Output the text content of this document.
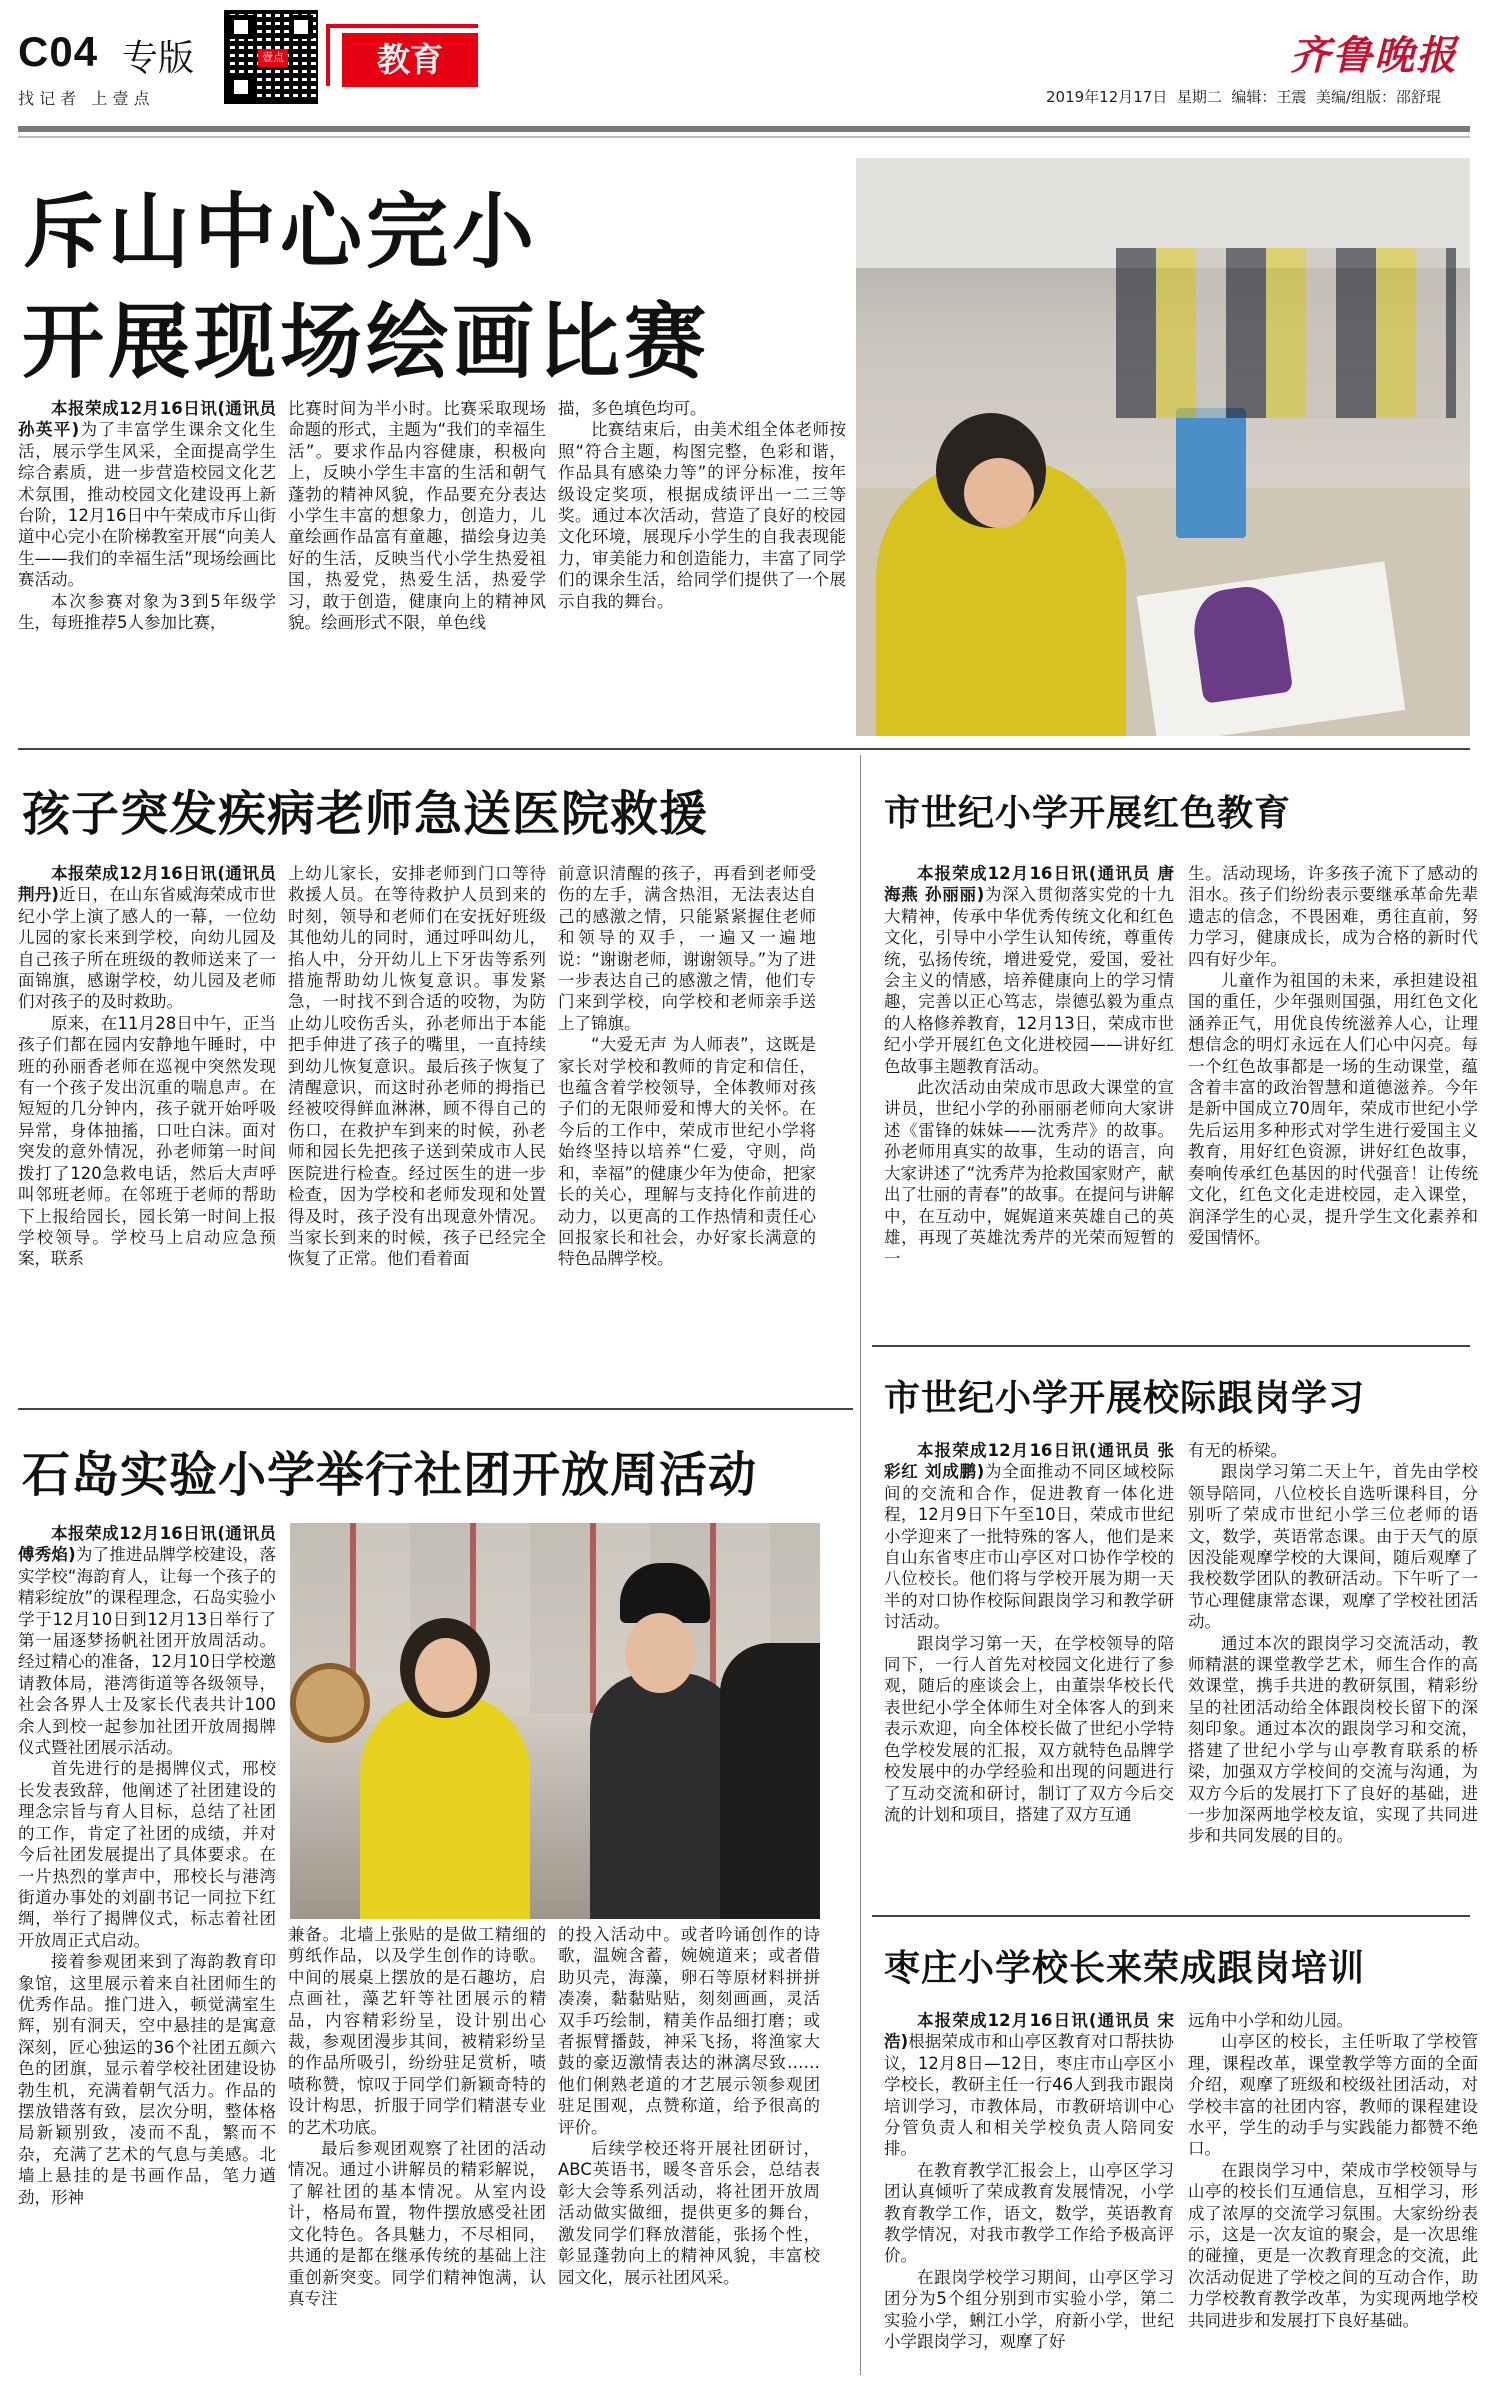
C04 专版	壹点	教育
找 记 者   上 壹 点
齐鲁晚报
2019年12月17日  星期二  编辑：王震  美编/组版：邵舒琨
斥山中心完小
开展现场绘画比赛

本报荣成12月16日讯(通讯员 孙英平)为了丰富学生课余文化生活，展示学生风采，全面提高学生综合素质，进一步营造校园文化艺术氛围，推动校园文化建设再上新台阶，12月16日中午荣成市斥山街道中心完小在阶梯教室开展“向美人生——我们的幸福生活”现场绘画比赛活动。

本次参赛对象为3到5年级学生，每班推荐5人参加比赛，

比赛时间为半小时。比赛采取现场命题的形式，主题为“我们的幸福生活”。要求作品内容健康，积极向上，反映小学生丰富的生活和朝气蓬勃的精神风貌，作品要充分表达小学生丰富的想象力，创造力，儿童绘画作品富有童趣，描绘身边美好的生活，反映当代小学生热爱祖国，热爱党，热爱生活，热爱学习，敢于创造，健康向上的精神风貌。绘画形式不限，单色线

描，多色填色均可。

比赛结束后，由美术组全体老师按照“符合主题，构图完整，色彩和谐，作品具有感染力等”的评分标准，按年级设定奖项，根据成绩评出一二三等奖。通过本次活动，营造了良好的校园文化环境，展现斥小学生的自我表现能力，审美能力和创造能力，丰富了同学们的课余生活，给同学们提供了一个展示自我的舞台。

孩子突发疾病老师急送医院救援

本报荣成12月16日讯(通讯员 荆丹)近日，在山东省威海荣成市世纪小学上演了感人的一幕，一位幼儿园的家长来到学校，向幼儿园及自己孩子所在班级的教师送来了一面锦旗，感谢学校，幼儿园及老师们对孩子的及时救助。

原来，在11月28日中午，正当孩子们都在园内安静地午睡时，中班的孙丽香老师在巡视中突然发现有一个孩子发出沉重的喘息声。在短短的几分钟内，孩子就开始呼吸异常，身体抽搐，口吐白沫。面对突发的意外情况，孙老师第一时间拨打了120急救电话，然后大声呼叫邻班老师。在邻班于老师的帮助下上报给园长，园长第一时间上报学校领导。学校马上启动应急预案，联系

上幼儿家长，安排老师到门口等待救援人员。在等待救护人员到来的时刻，领导和老师们在安抚好班级其他幼儿的同时，通过呼叫幼儿，掐人中，分开幼儿上下牙齿等系列措施帮助幼儿恢复意识。事发紧急，一时找不到合适的咬物，为防止幼儿咬伤舌头，孙老师出于本能把手伸进了孩子的嘴里，一直持续到幼儿恢复意识。最后孩子恢复了清醒意识，而这时孙老师的拇指已经被咬得鲜血淋淋，顾不得自己的伤口，在救护车到来的时候，孙老师和园长先把孩子送到荣成市人民医院进行检查。经过医生的进一步检查，因为学校和老师发现和处置得及时，孩子没有出现意外情况。当家长到来的时候，孩子已经完全恢复了正常。他们看着面

前意识清醒的孩子，再看到老师受伤的左手，满含热泪，无法表达自己的感激之情，只能紧紧握住老师和领导的双手，一遍又一遍地说：“谢谢老师，谢谢领导。”为了进一步表达自己的感激之情，他们专门来到学校，向学校和老师亲手送上了锦旗。

“大爱无声 为人师表”，这既是家长对学校和教师的肯定和信任，也蕴含着学校领导，全体教师对孩子们的无限师爱和博大的关怀。在今后的工作中，荣成市世纪小学将始终坚持以培养“仁爱，守则，尚和，幸福”的健康少年为使命，把家长的关心，理解与支持化作前进的动力，以更高的工作热情和责任心回报家长和社会，办好家长满意的特色品牌学校。

石岛实验小学举行社团开放周活动

本报荣成12月16日讯(通讯员 傅秀焰)为了推进品牌学校建设，落实学校“海韵育人，让每一个孩子的精彩绽放”的课程理念，石岛实验小学于12月10日到12月13日举行了第一届逐梦扬帆社团开放周活动。经过精心的准备，12月10日学校邀请教体局，港湾街道等各级领导，社会各界人士及家长代表共计100余人到校一起参加社团开放周揭牌仪式暨社团展示活动。

首先进行的是揭牌仪式，邢校长发表致辞，他阐述了社团建设的理念宗旨与育人目标，总结了社团的工作，肯定了社团的成绩，并对今后社团发展提出了具体要求。在一片热烈的掌声中，邢校长与港湾街道办事处的刘副书记一同拉下红绸，举行了揭牌仪式，标志着社团开放周正式启动。

接着参观团来到了海韵教育印象馆，这里展示着来自社团师生的优秀作品。推门进入，顿觉满室生辉，别有洞天，空中悬挂的是寓意深刻，匠心独运的36个社团五颜六色的团旗，显示着学校社团建设协勃生机，充满着朝气活力。作品的摆放错落有致，层次分明，整体格局新颖别致，凌而不乱，繁而不杂，充满了艺术的气息与美感。北墙上悬挂的是书画作品，笔力遒劲，形神

兼备。北墙上张贴的是做工精细的剪纸作品，以及学生创作的诗歌。中间的展桌上摆放的是石趣坊，启点画社，藻艺轩等社团展示的精品，内容精彩纷呈，设计别出心裁，参观团漫步其间，被精彩纷呈的作品所吸引，纷纷驻足赏析，啧啧称赞，惊叹于同学们新颖奇特的设计构思，折服于同学们精湛专业的艺术功底。

最后参观团观察了社团的活动情况。通过小讲解员的精彩解说，了解社团的基本情况。从室内设计，格局布置，物件摆放感受社团文化特色。各具魅力，不尽相同，共通的是都在继承传统的基础上注重创新突变。同学们精神饱满，认真专注

的投入活动中。或者吟诵创作的诗歌，温婉含蓄，婉婉道来；或者借助贝壳，海藻，卵石等原材料拼拼凑凑，黏黏贴贴，刻刻画画，灵活双手巧绘制，精美作品细打磨；或者振臂播鼓，神采飞扬，将渔家大鼓的豪迈激情表达的淋漓尽致……他们俐熟老道的才艺展示领参观团驻足围观，点赞称道，给予很高的评价。

后续学校还将开展社团研讨，ABC英语书，暖冬音乐会，总结表彰大会等系列活动，将社团开放周活动做实做细，提供更多的舞台，激发同学们释放潜能，张扬个性，彰显蓬勃向上的精神风貌，丰富校园文化，展示社团风采。

市世纪小学开展红色教育

本报荣成12月16日讯(通讯员 唐海燕 孙丽丽)为深入贯彻落实党的十九大精神，传承中华优秀传统文化和红色文化，引导中小学生认知传统，尊重传统，弘扬传统，增进爱党，爱国，爱社会主义的情感，培养健康向上的学习情趣，完善以正心笃志，崇德弘毅为重点的人格修养教育，12月13日，荣成市世纪小学开展红色文化进校园——讲好红色故事主题教育活动。

此次活动由荣成市思政大课堂的宣讲员，世纪小学的孙丽丽老师向大家讲述《雷锋的妹妹——沈秀芹》的故事。孙老师用真实的故事，生动的语言，向大家讲述了“沈秀芹为抢救国家财产，献出了壮丽的青春”的故事。在提问与讲解中，在互动中，娓娓道来英雄自己的英雄，再现了英雄沈秀芹的光荣而短暂的一

生。活动现场，许多孩子流下了感动的泪水。孩子们纷纷表示要继承革命先辈遗志的信念，不畏困难，勇往直前，努力学习，健康成长，成为合格的新时代四有好少年。

儿童作为祖国的未来，承担建设祖国的重任，少年强则国强，用红色文化涵养正气，用优良传统滋养人心，让理想信念的明灯永远在人们心中闪亮。每一个红色故事都是一场的生动课堂，蕴含着丰富的政治智慧和道德滋养。今年是新中国成立70周年，荣成市世纪小学先后运用多种形式对学生进行爱国主义教育，用好红色资源，讲好红色故事，奏响传承红色基因的时代强音！让传统文化，红色文化走进校园，走入课堂，润泽学生的心灵，提升学生文化素养和爱国情怀。

市世纪小学开展校际跟岗学习

本报荣成12月16日讯(通讯员 张彩红 刘成鹏)为全面推动不同区域校际间的交流和合作，促进教育一体化进程，12月9日下午至10日，荣成市世纪小学迎来了一批特殊的客人，他们是来自山东省枣庄市山亭区对口协作学校的八位校长。他们将与学校开展为期一天半的对口协作校际间跟岗学习和教学研讨活动。

跟岗学习第一天，在学校领导的陪同下，一行人首先对校园文化进行了参观，随后的座谈会上，由董崇华校长代表世纪小学全体师生对全体客人的到来表示欢迎，向全体校长做了世纪小学特色学校发展的汇报，双方就特色品牌学校发展中的办学经验和出现的问题进行了互动交流和研讨，制订了双方今后交流的计划和项目，搭建了双方互通

有无的桥梁。

跟岗学习第二天上午，首先由学校领导陪同，八位校长自选听课科目，分别听了荣成市世纪小学三位老师的语文，数学，英语常态课。由于天气的原因没能观摩学校的大课间，随后观摩了我校数学团队的教研活动。下午听了一节心理健康常态课，观摩了学校社团活动。

通过本次的跟岗学习交流活动，教师精湛的课堂教学艺术，师生合作的高效课堂，携手共进的教研氛围，精彩纷呈的社团活动给全体跟岗校长留下的深刻印象。通过本次的跟岗学习和交流，搭建了世纪小学与山亭教育联系的桥梁，加强双方学校间的交流与沟通，为双方今后的发展打下了良好的基础，进一步加深两地学校友谊，实现了共同进步和共同发展的目的。

枣庄小学校长来荣成跟岗培训

本报荣成12月16日讯(通讯员 宋浩)根据荣成市和山亭区教育对口帮扶协议，12月8日—12日，枣庄市山亭区小学校长，教研主任一行46人到我市跟岗培训学习，市教体局，市教研培训中心分管负责人和相关学校负责人陪同安排。

在教育教学汇报会上，山亭区学习团认真倾听了荣成教育发展情况，小学教育教学工作，语文，数学，英语教育教学情况，对我市教学工作给予极高评价。

在跟岗学校学习期间，山亭区学习团分为5个组分别到市实验小学，第二实验小学，蜊江小学，府新小学，世纪小学跟岗学习，观摩了好

远角中小学和幼儿园。

山亭区的校长，主任听取了学校管理，课程改革，课堂教学等方面的全面介绍，观摩了班级和校级社团活动，对学校丰富的社团内容，教师的课程建设水平，学生的动手与实践能力都赞不绝口。

在跟岗学习中，荣成市学校领导与山亭的校长们互通信息，互相学习，形成了浓厚的交流学习氛围。大家纷纷表示，这是一次友谊的聚会，是一次思维的碰撞，更是一次教育理念的交流，此次活动促进了学校之间的互动合作，助力学校教育教学改革，为实现两地学校共同进步和发展打下良好基础。
